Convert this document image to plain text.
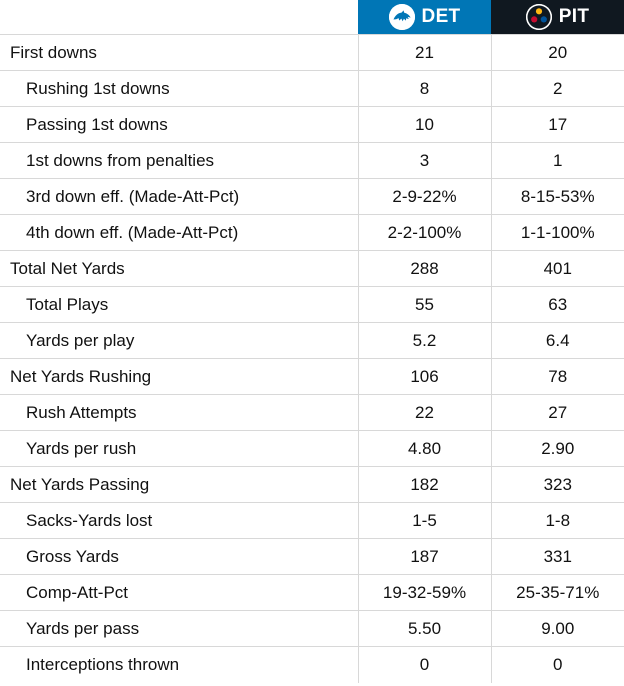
	DET	PIT

First downs	21	20
Rushing 1st downs	8	2
Passing 1st downs	10	17
1st downs from penalties	3	1
3rd down eff. (Made-Att-Pct)	2-9-22%	8-15-53%
4th down eff. (Made-Att-Pct)	2-2-100%	1-1-100%
Total Net Yards	288	401
Total Plays	55	63
Yards per play	5.2	6.4
Net Yards Rushing	106	78
Rush Attempts	22	27
Yards per rush	4.80	2.90
Net Yards Passing	182	323
Sacks-Yards lost	1-5	1-8
Gross Yards	187	331
Comp-Att-Pct	19-32-59%	25-35-71%
Yards per pass	5.50	9.00
Interceptions thrown	0	0
